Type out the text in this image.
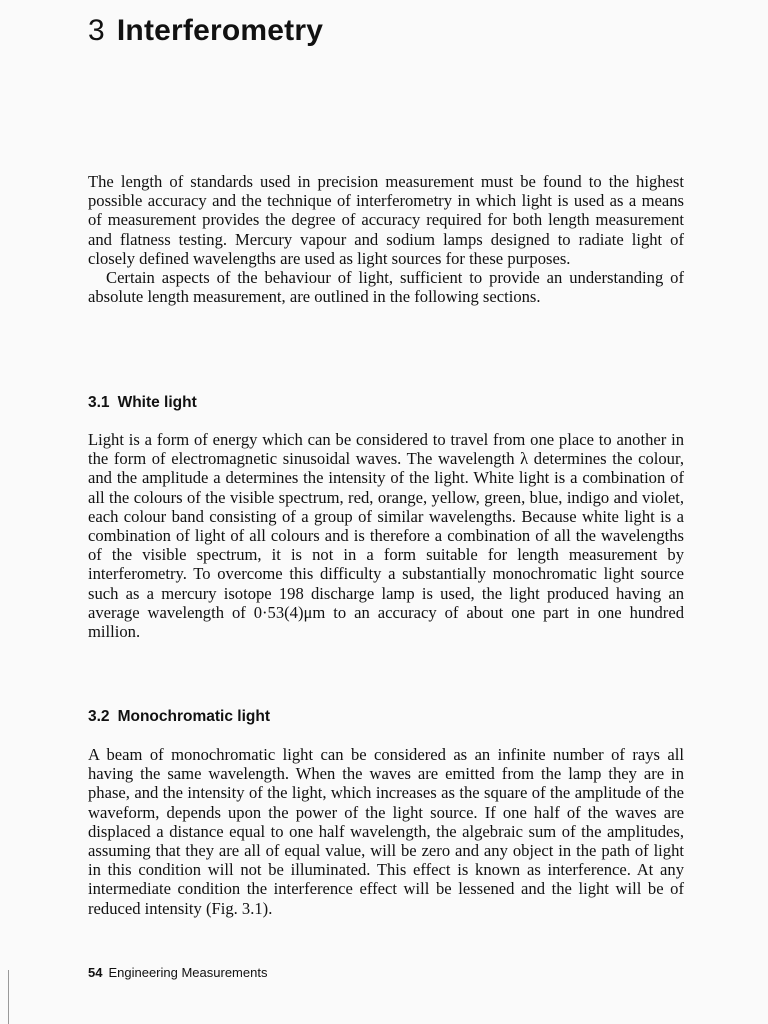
3 Interferometry

The length of standards used in precision measurement must be found to the highest possible accuracy and the technique of interferometry in which light is used as a means of measurement provides the degree of accuracy required for both length measurement and flatness testing. Mercury vapour and sodium lamps designed to radiate light of closely defined wavelengths are used as light sources for these purposes.

Certain aspects of the behaviour of light, sufficient to provide an understanding of absolute length measurement, are outlined in the following sections.

3.1 White light

Light is a form of energy which can be considered to travel from one place to another in the form of electromagnetic sinusoidal waves. The wavelength λ determines the colour, and the amplitude a determines the intensity of the light. White light is a combination of all the colours of the visible spectrum, red, orange, yellow, green, blue, indigo and violet, each colour band consisting of a group of similar wavelengths. Because white light is a combination of light of all colours and is therefore a combination of all the wavelengths of the visible spectrum, it is not in a form suitable for length measurement by interferometry. To overcome this difficulty a substantially monochromatic light source such as a mercury isotope 198 discharge lamp is used, the light produced having an average wavelength of 0·53(4)μm to an accuracy of about one part in one hundred million.

3.2 Monochromatic light

A beam of monochromatic light can be considered as an infinite number of rays all having the same wavelength. When the waves are emitted from the lamp they are in phase, and the intensity of the light, which increases as the square of the amplitude of the waveform, depends upon the power of the light source. If one half of the waves are displaced a distance equal to one half wavelength, the algebraic sum of the amplitudes, assuming that they are all of equal value, will be zero and any object in the path of light in this condition will not be illuminated. This effect is known as interference. At any intermediate condition the interference effect will be lessened and the light will be of reduced intensity (Fig. 3.1).

54 Engineering Measurements
